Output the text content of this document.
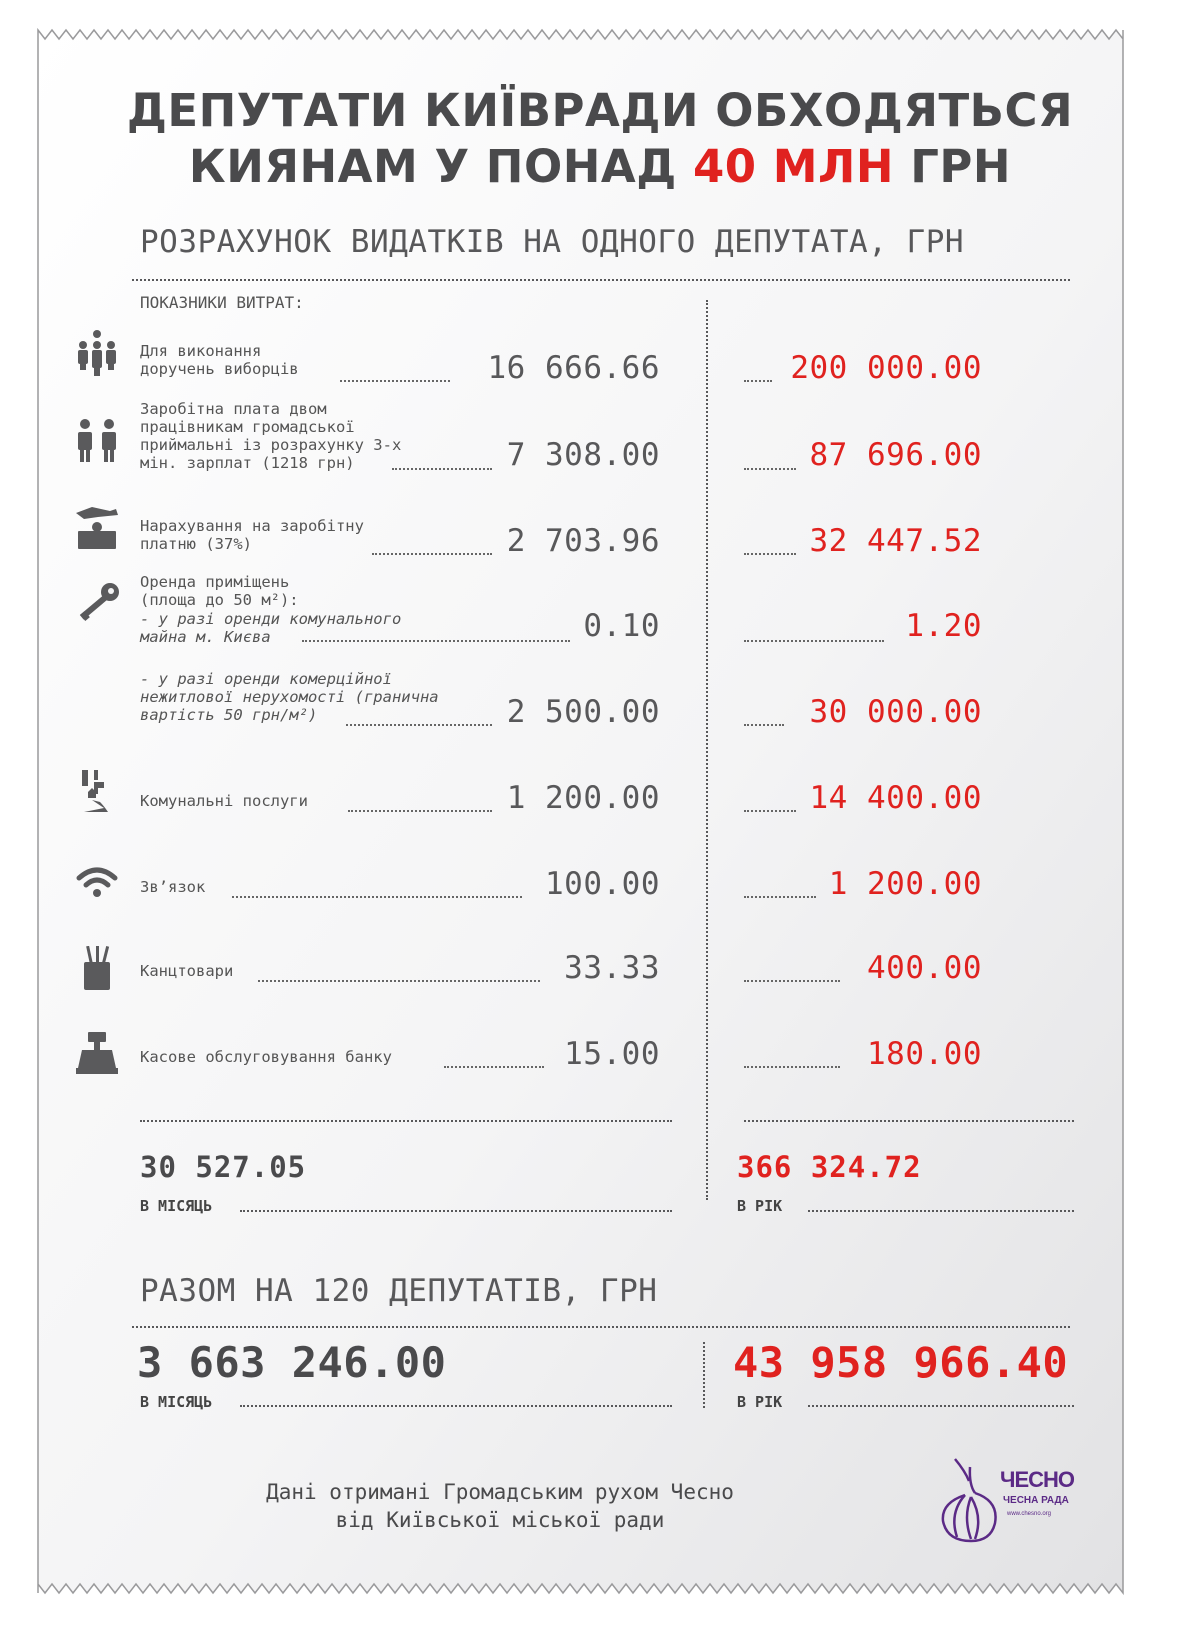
ДЕПУТАТИ КИЇВРАДИ ОБХОДЯТЬСЯ
КИЯНАМ У ПОНАД 40 МЛН ГРН
РОЗРАХУНОК ВИДАТКІВ НА ОДНОГО ДЕПУТАТА, ГРН
ПОКАЗНИКИ ВИТРАТ:
Для виконання
доручень виборців	16 666.66	200 000.00
Заробітна плата двом
працівникам громадської
приймальні із розрахунку 3-х
мін. зарплат (1218 грн)	7 308.00	87 696.00
Нарахування на заробітну
платню (37%)	2 703.96	32 447.52
Оренда приміщень
(площа до 50 м²):
- у разі оренди комунального
майна м. Києва	0.10	1.20
- у разі оренди комерційної
нежитлової нерухомості (гранична
вартість 50 грн/м²)	2 500.00	30 000.00
Комунальні послуги	1 200.00	14 400.00
Зв’язок	100.00	1 200.00
Канцтовари	33.33	400.00
Касове обслуговування банку	15.00	180.00
30 527.05	366 324.72
В МІСЯЦЬ	В РІК
РАЗОМ НА 120 ДЕПУТАТІВ, ГРН
3 663 246.00	43 958 966.40
В МІСЯЦЬ	В РІК
Дані отримані Громадським рухом Чесно
від Київської міської ради
ЧЕСНО
ЧЕСНА РАДА
www.chesno.org
